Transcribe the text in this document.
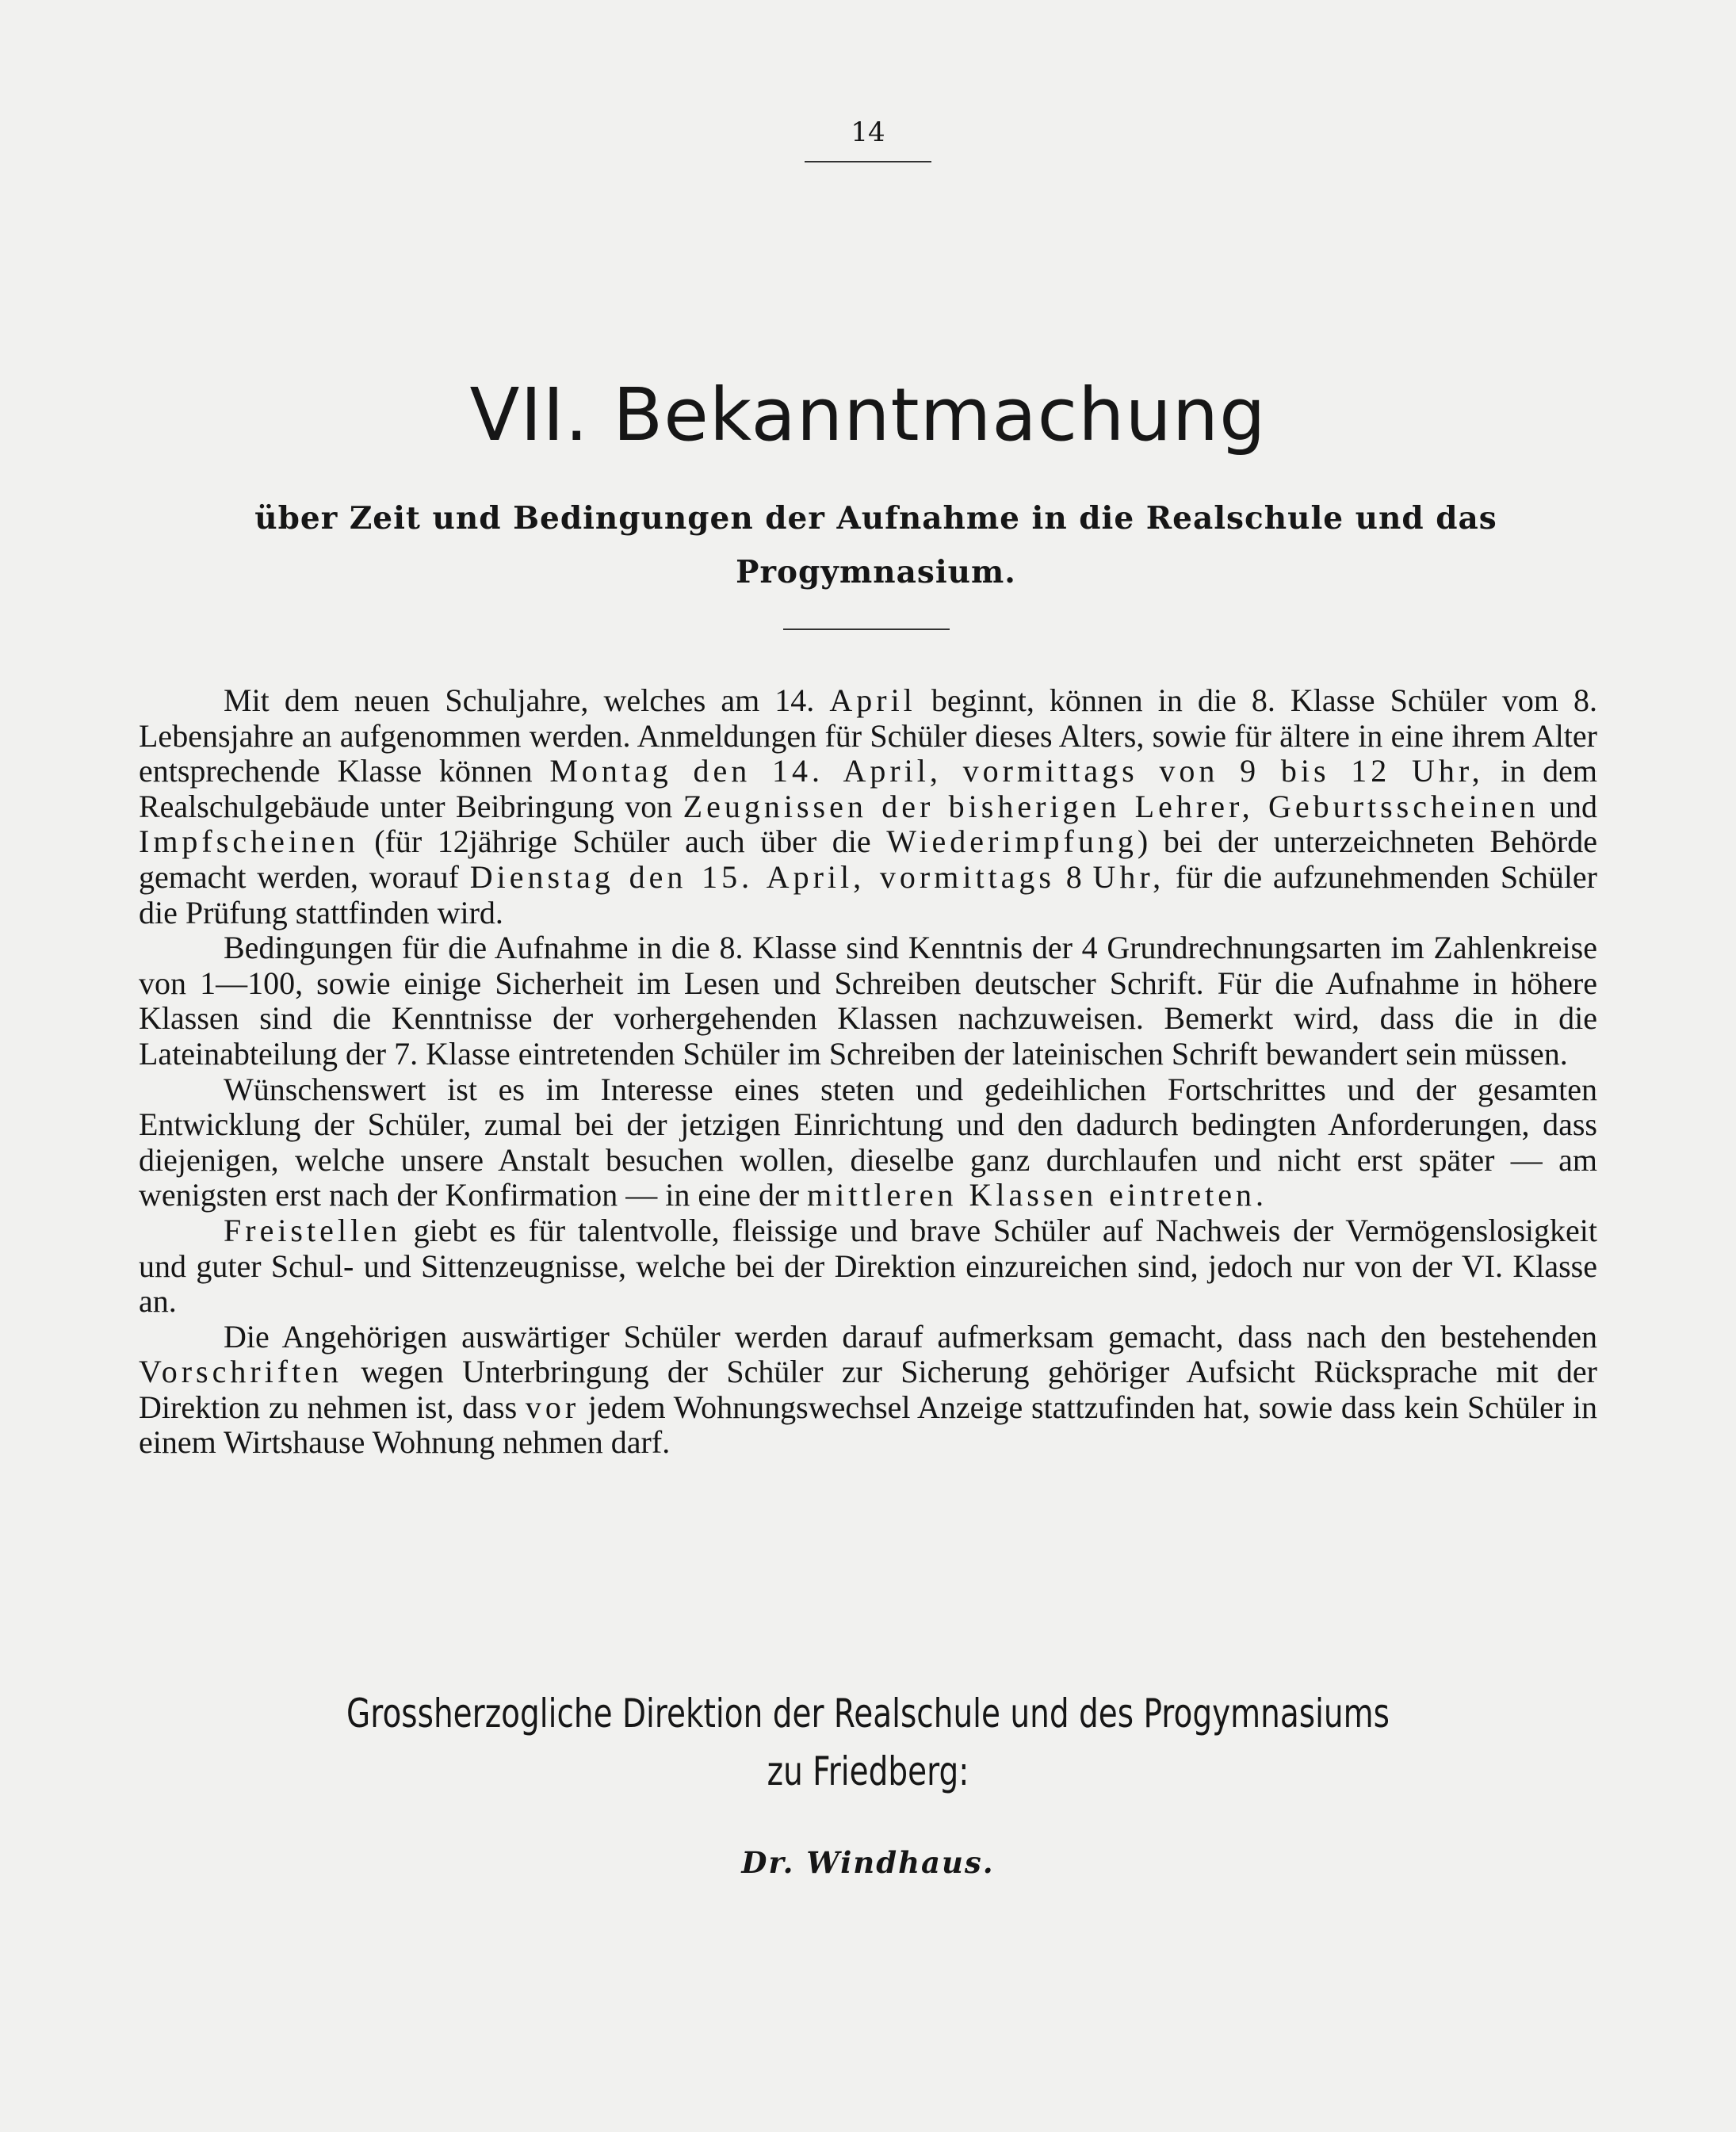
14
VII. Bekanntmachung
über Zeit und Bedingungen der Aufnahme in die Realschule und das Progymnasium.

Mit dem neuen Schuljahre, welches am 14. April beginnt, können in die 8. Klasse Schüler vom 8. Lebensjahre an aufgenommen werden. Anmeldungen für Schüler dieses Alters, sowie für ältere in eine ihrem Alter entsprechende Klasse können Montag den 14. April, vormittags von 9 bis 12 Uhr, in dem Realschulgebäude unter Beibringung von Zeugnissen der bisherigen Lehrer, Geburtsscheinen und Impfscheinen (für 12jährige Schüler auch über die Wiederimpfung) bei der unterzeichneten Behörde gemacht werden, worauf Dienstag den 15. April, vormittags 8 Uhr, für die aufzunehmenden Schüler die Prüfung stattfinden wird.

Bedingungen für die Aufnahme in die 8. Klasse sind Kenntnis der 4 Grundrechnungsarten im Zahlenkreise von 1—100, sowie einige Sicherheit im Lesen und Schreiben deutscher Schrift. Für die Aufnahme in höhere Klassen sind die Kenntnisse der vorhergehenden Klassen nachzuweisen. Bemerkt wird, dass die in die Lateinabteilung der 7. Klasse eintretenden Schüler im Schreiben der lateinischen Schrift bewandert sein müssen.

Wünschenswert ist es im Interesse eines steten und gedeihlichen Fortschrittes und der gesamten Entwicklung der Schüler, zumal bei der jetzigen Einrichtung und den dadurch bedingten Anforderungen, dass diejenigen, welche unsere Anstalt besuchen wollen, dieselbe ganz durchlaufen und nicht erst später — am wenigsten erst nach der Konfirmation — in eine der mittleren Klassen eintreten.

Freistellen giebt es für talentvolle, fleissige und brave Schüler auf Nachweis der Vermögenslosigkeit und guter Schul- und Sittenzeugnisse, welche bei der Direktion einzureichen sind, jedoch nur von der VI. Klasse an.

Die Angehörigen auswärtiger Schüler werden darauf aufmerksam gemacht, dass nach den bestehenden Vorschriften wegen Unterbringung der Schüler zur Sicherung gehöriger Aufsicht Rücksprache mit der Direktion zu nehmen ist, dass vor jedem Wohnungswechsel Anzeige stattzufinden hat, sowie dass kein Schüler in einem Wirtshause Wohnung nehmen darf.

Grossherzogliche Direktion der Realschule und des Progymnasiums
zu Friedberg:
Dr. Windhaus.
